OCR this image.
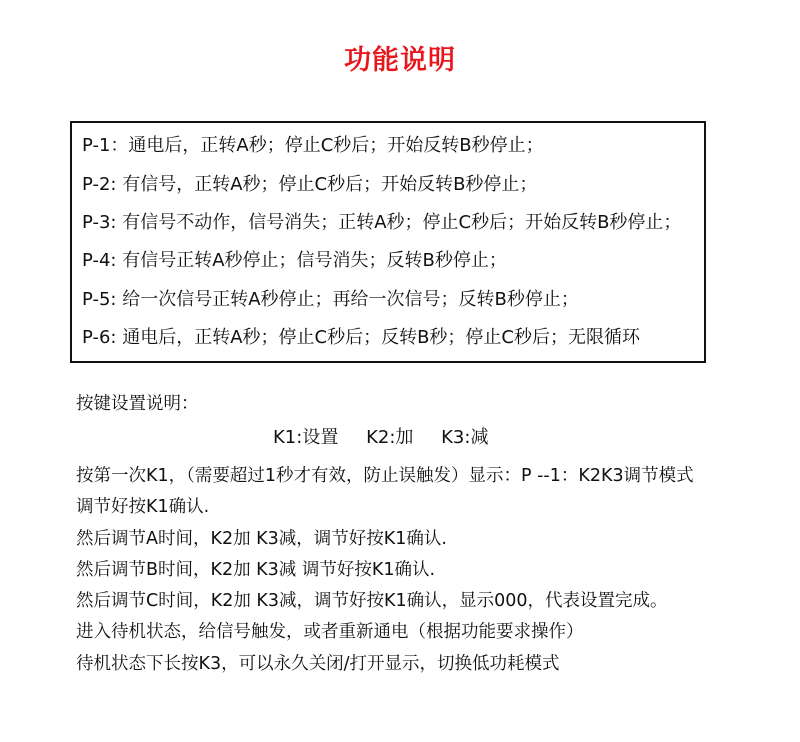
功能说明
P-1：通电后，正转A秒；停止C秒后；开始反转B秒停止；
P-2: 有信号，正转A秒；停止C秒后；开始反转B秒停止；
P-3: 有信号不动作，信号消失；正转A秒；停止C秒后；开始反转B秒停止；
P-4: 有信号正转A秒停止；信号消失；反转B秒停止；
P-5: 给一次信号正转A秒停止；再给一次信号；反转B秒停止；
P-6: 通电后，正转A秒；停止C秒后；反转B秒；停止C秒后；无限循环
按键设置说明：
K1:设置 K2:加 K3:减
按第一次K1，（需要超过1秒才有效，防止误触发）显示：P --1：K2K3调节模式
调节好按K1确认.
然后调节A时间，K2加 K3减，调节好按K1确认.
然后调节B时间，K2加 K3减 调节好按K1确认.
然后调节C时间，K2加 K3减，调节好按K1确认，显示000，代表设置完成。
进入待机状态，给信号触发，或者重新通电（根据功能要求操作）
待机状态下长按K3，可以永久关闭/打开显示，切换低功耗模式
